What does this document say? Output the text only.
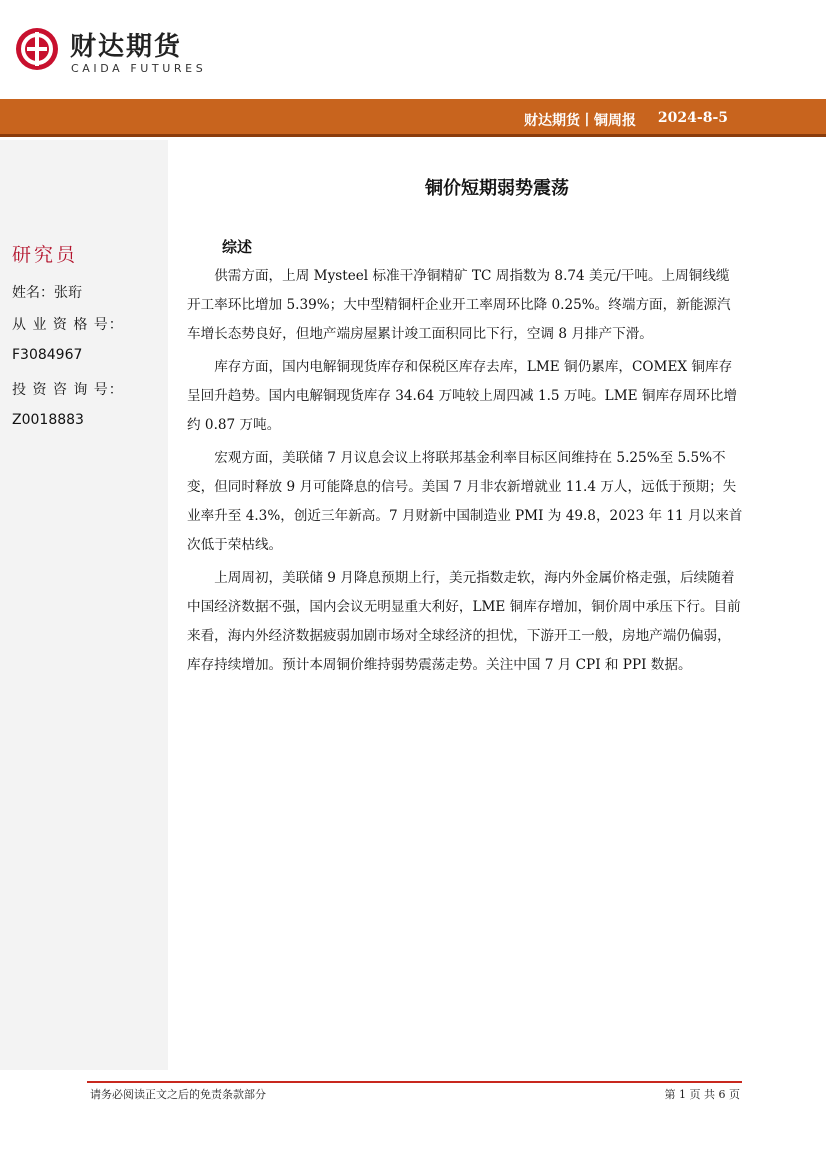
财达期货
CAIDA FUTURES
财达期货丨铜周报 2024-8-5
研究员
姓名：张珩
从 业 资 格 号：
F3084967
投 资 咨 询 号：
Z0018883
铜价短期弱势震荡
综述

供需方面，上周 Mysteel 标准干净铜精矿 TC 周指数为 8.74 美元/干吨。上周铜线缆开工率环比增加 5.39%；大中型精铜杆企业开工率周环比降 0.25%。终端方面，新能源汽车增长态势良好，但地产端房屋累计竣工面积同比下行，空调 8 月排产下滑。

库存方面，国内电解铜现货库存和保税区库存去库，LME 铜仍累库，COMEX 铜库存呈回升趋势。国内电解铜现货库存 34.64 万吨较上周四减 1.5 万吨。LME 铜库存周环比增约 0.87 万吨。

宏观方面，美联储 7 月议息会议上将联邦基金利率目标区间维持在 5.25%至 5.5%不变，但同时释放 9 月可能降息的信号。美国 7 月非农新增就业 11.4 万人，远低于预期；失业率升至 4.3%，创近三年新高。7 月财新中国制造业 PMI 为 49.8，2023 年 11 月以来首次低于荣枯线。

上周周初，美联储 9 月降息预期上行，美元指数走软，海内外金属价格走强，后续随着中国经济数据不强，国内会议无明显重大利好，LME 铜库存增加，铜价周中承压下行。目前来看，海内外经济数据疲弱加剧市场对全球经济的担忧，下游开工一般，房地产端仍偏弱，库存持续增加。预计本周铜价维持弱势震荡走势。关注中国 7 月 CPI 和 PPI 数据。

请务必阅读正文之后的免责条款部分	第 1 页 共 6 页
